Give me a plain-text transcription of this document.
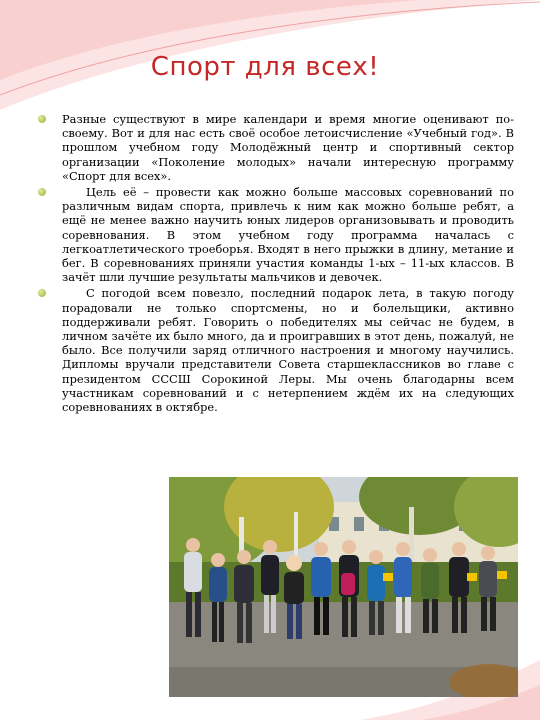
Спорт для всех!
Разные существуют в мире календари и время многие оценивают по-своему. Вот и для нас есть своё особое летоисчисление «Учебный год». В прошлом учебном году Молодёжный центр и спортивный сектор организации «Поколение молодых» начали интересную программу «Спорт для всех».
Цель её – провести как можно больше массовых соревнований по различным видам спорта, привлечь к ним как можно больше ребят, а ещё не менее важно научить юных лидеров организовывать и проводить соревнования. В этом учебном году программа началась с легкоатлетического троеборья. Входят в него прыжки в длину, метание и бег. В соревнованиях приняли участия команды 1-ых – 11-ых классов. В зачёт шли лучшие результаты мальчиков и девочек.
С погодой всем повезло, последний подарок лета, в такую погоду порадовали не только спортсмены, но и болельщики, активно поддерживали ребят. Говорить о победителях мы сейчас не будем, в личном зачёте их было много, да и проигравших в этот день, пожалуй, не было. Все получили заряд отличного настроения и многому научились. Дипломы вручали представители Совета старшеклассников во главе с президентом СССШ Сорокиной Леры. Мы очень благодарны всем участникам соревнований и с нетерпением ждём их на следующих соревнованиях в октябре.
